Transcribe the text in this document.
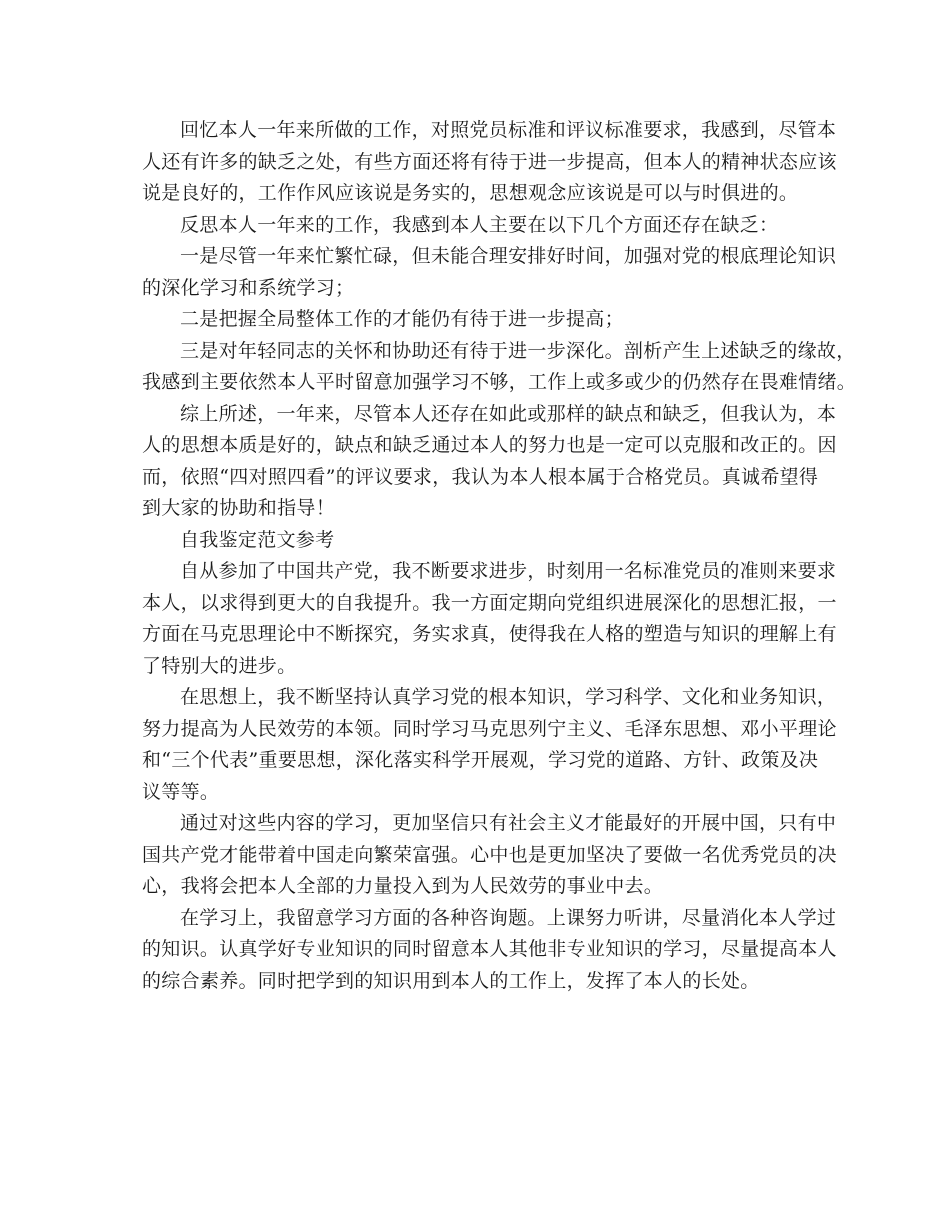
回忆本人一年来所做的工作，对照党员标准和评议标准要求，我感到，尽管本
人还有许多的缺乏之处，有些方面还将有待于进一步提高，但本人的精神状态应该
说是良好的，工作作风应该说是务实的，思想观念应该说是可以与时俱进的。
反思本人一年来的工作，我感到本人主要在以下几个方面还存在缺乏：
一是尽管一年来忙繁忙碌，但未能合理安排好时间，加强对党的根底理论知识
的深化学习和系统学习；
二是把握全局整体工作的才能仍有待于进一步提高；
三是对年轻同志的关怀和协助还有待于进一步深化。剖析产生上述缺乏的缘故，
我感到主要依然本人平时留意加强学习不够，工作上或多或少的仍然存在畏难情绪。
综上所述，一年来，尽管本人还存在如此或那样的缺点和缺乏，但我认为，本
人的思想本质是好的，缺点和缺乏通过本人的努力也是一定可以克服和改正的。因
而，依照“四对照四看”的评议要求，我认为本人根本属于合格党员。真诚希望得
到大家的协助和指导！
自我鉴定范文参考
自从参加了中国共产党，我不断要求进步，时刻用一名标准党员的准则来要求
本人，以求得到更大的自我提升。我一方面定期向党组织进展深化的思想汇报，一
方面在马克思理论中不断探究，务实求真，使得我在人格的塑造与知识的理解上有
了特别大的进步。
在思想上，我不断坚持认真学习党的根本知识，学习科学、文化和业务知识，
努力提高为人民效劳的本领。同时学习马克思列宁主义、毛泽东思想、邓小平理论
和“三个代表”重要思想，深化落实科学开展观，学习党的道路、方针、政策及决
议等等。
通过对这些内容的学习，更加坚信只有社会主义才能最好的开展中国，只有中
国共产党才能带着中国走向繁荣富强。心中也是更加坚决了要做一名优秀党员的决
心，我将会把本人全部的力量投入到为人民效劳的事业中去。
在学习上，我留意学习方面的各种咨询题。上课努力听讲，尽量消化本人学过
的知识。认真学好专业知识的同时留意本人其他非专业知识的学习，尽量提高本人
的综合素养。同时把学到的知识用到本人的工作上，发挥了本人的长处。
